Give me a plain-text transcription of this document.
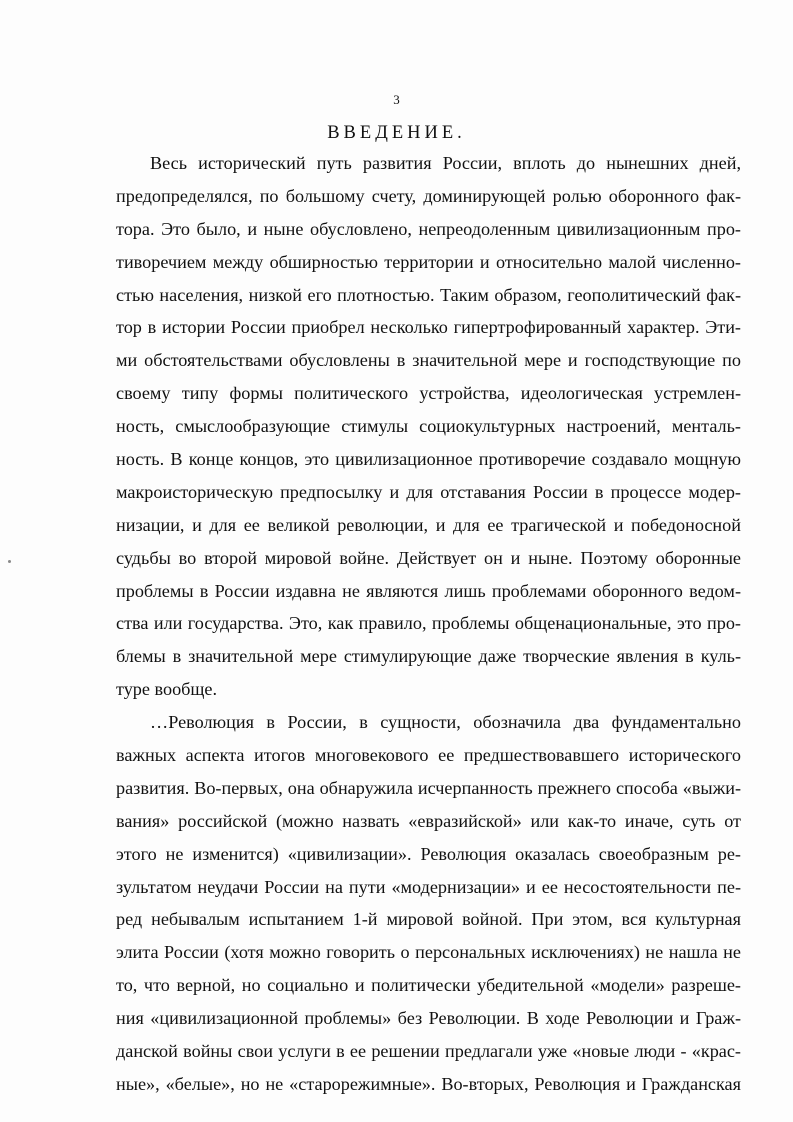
3
ВВЕДЕНИЕ.
Весь исторический путь развития России, вплоть до нынешних дней,
предопределялся, по большому счету, доминирующей ролью оборонного фак-
тора. Это было, и ныне обусловлено, непреодоленным цивилизационным про-
тиворечием между обширностью территории и относительно малой численно-
стью населения, низкой его плотностью. Таким образом, геополитический фак-
тор в истории России приобрел несколько гипертрофированный характер. Эти-
ми обстоятельствами обусловлены в значительной мере и господствующие по
своему типу формы политического устройства, идеологическая устремлен-
ность, смыслообразующие стимулы социокультурных настроений, менталь-
ность. В конце концов, это цивилизационное противоречие создавало мощную
макроисторическую предпосылку и для отставания России в процессе модер-
низации, и для ее великой революции, и для ее трагической и победоносной
судьбы во второй мировой войне. Действует он и ныне. Поэтому оборонные
проблемы в России издавна не являются лишь проблемами оборонного ведом-
ства или государства. Это, как правило, проблемы общенациональные, это про-
блемы в значительной мере стимулирующие даже творческие явления в куль-
туре вообще.
…Революция в России, в сущности, обозначила два фундаментально
важных аспекта итогов многовекового ее предшествовавшего исторического
развития. Во-первых, она обнаружила исчерпанность прежнего способа «выжи-
вания» российской (можно назвать «евразийской» или как-то иначе, суть от
этого не изменится) «цивилизации». Революция оказалась своеобразным ре-
зультатом неудачи России на пути «модернизации» и ее несостоятельности пе-
ред небывалым испытанием 1-й мировой войной. При этом, вся культурная
элита России (хотя можно говорить о персональных исключениях) не нашла не
то, что верной, но социально и политически убедительной «модели» разреше-
ния «цивилизационной проблемы» без Революции. В ходе Революции и Граж-
данской войны свои услуги в ее решении предлагали уже «новые люди - «крас-
ные», «белые», но не «старорежимные». Во-вторых, Революция и Гражданская
